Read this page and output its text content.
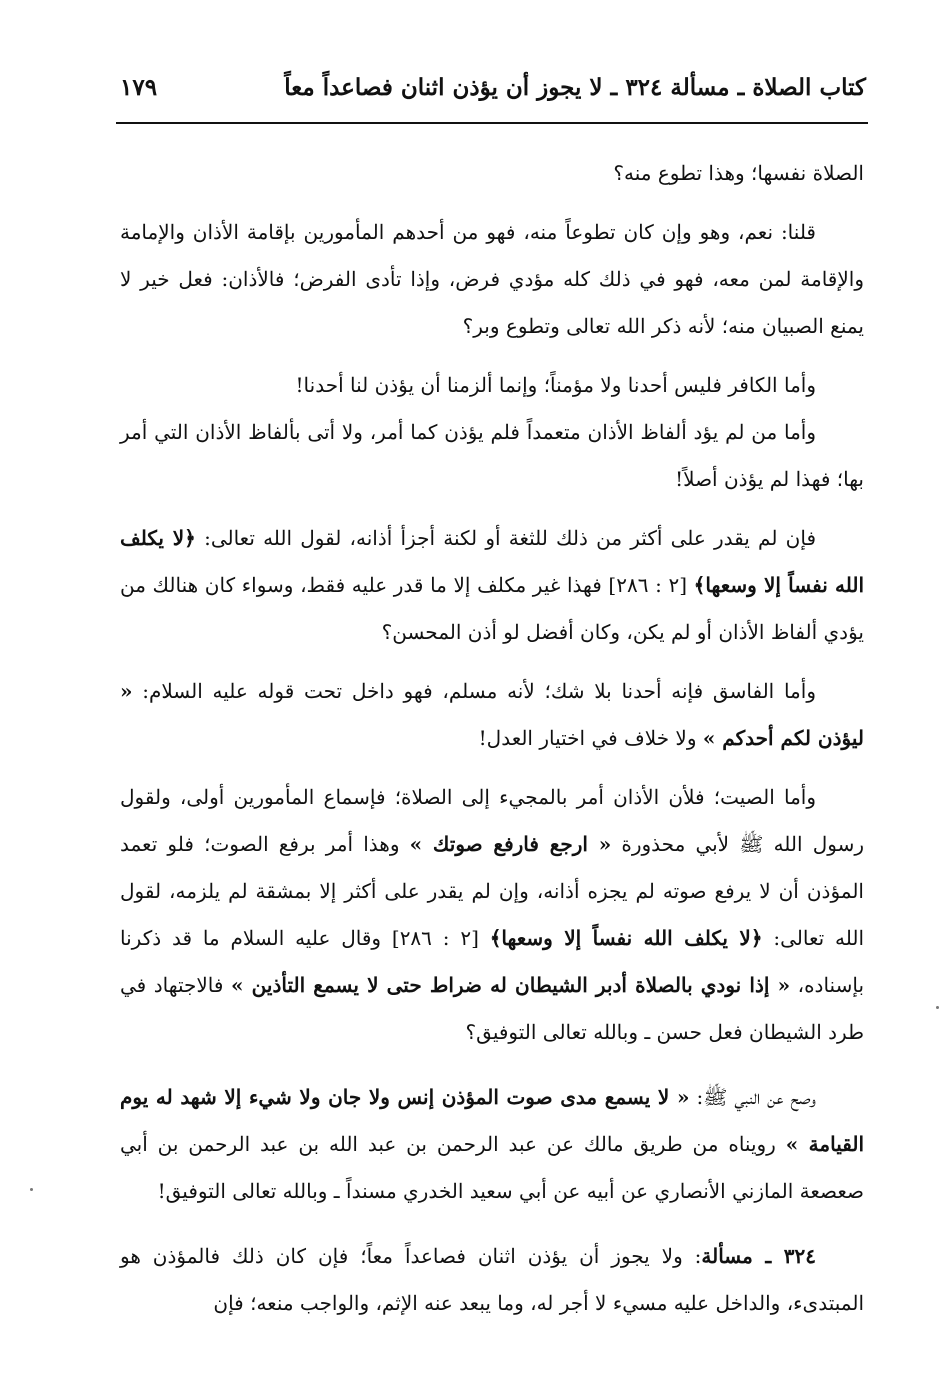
كتاب الصلاة ـ مسألة ٣٢٤ ـ لا يجوز أن يؤذن اثنان فصاعداً معاً
١٧٩

الصلاة نفسها؛ وهذا تطوع منه؟

قلنا: نعم، وهو وإن كان تطوعاً منه، فهو من أحدهم المأمورين بإقامة الأذان والإمامة والإقامة لمن معه، فهو في ذلك كله مؤدي فرض، وإذا تأدى الفرض؛ فالأذان: فعل خير لا يمنع الصبيان منه؛ لأنه ذكر الله تعالى وتطوع وبر؟

وأما الكافر فليس أحدنا ولا مؤمناً؛ وإنما ألزمنا أن يؤذن لنا أحدنا!

وأما من لم يؤد ألفاظ الأذان متعمداً فلم يؤذن كما أمر، ولا أتى بألفاظ الأذان التي أمر بها؛ فهذا لم يؤذن أصلاً!

فإن لم يقدر على أكثر من ذلك للثغة أو لكنة أجزأ أذانه، لقول الله تعالى: ﴿لا يكلف الله نفساً إلا وسعها﴾ [٢ : ٢٨٦] فهذا غير مكلف إلا ما قدر عليه فقط، وسواء كان هنالك من يؤدي ألفاظ الأذان أو لم يكن، وكان أفضل لو أذن المحسن؟

وأما الفاسق فإنه أحدنا بلا شك؛ لأنه مسلم، فهو داخل تحت قوله عليه السلام: « ليؤذن لكم أحدكم » ولا خلاف في اختيار العدل!

وأما الصيت؛ فلأن الأذان أمر بالمجيء إلى الصلاة؛ فإسماع المأمورين أولى، ولقول رسول الله ﷺ لأبي محذورة « ارجع فارفع صوتك » وهذا أمر برفع الصوت؛ فلو تعمد المؤذن أن لا يرفع صوته لم يجزه أذانه، وإن لم يقدر على أكثر إلا بمشقة لم يلزمه، لقول الله تعالى: ﴿لا يكلف الله نفساً إلا وسعها﴾ [٢ : ٢٨٦] وقال عليه السلام ما قد ذكرنا بإسناده، « إذا نودي بالصلاة أدبر الشيطان له ضراط حتى لا يسمع التأذين » فالاجتهاد في طرد الشيطان فعل حسن ـ وبالله تعالى التوفيق؟

وصح عن النبي ﷺ: « لا يسمع مدى صوت المؤذن إنس ولا جان ولا شيء إلا شهد له يوم القيامة » رويناه من طريق مالك عن عبد الرحمن بن عبد الله بن عبد الرحمن بن أبي صعصعة المازني الأنصاري عن أبيه عن أبي سعيد الخدري مسنداً ـ وبالله تعالى التوفيق!

٣٢٤ ـ مسألة: ولا يجوز أن يؤذن اثنان فصاعداً معاً؛ فإن كان ذلك فالمؤذن هو المبتدىء، والداخل عليه مسيء لا أجر له، وما يبعد عنه الإثم، والواجب منعه؛ فإن
